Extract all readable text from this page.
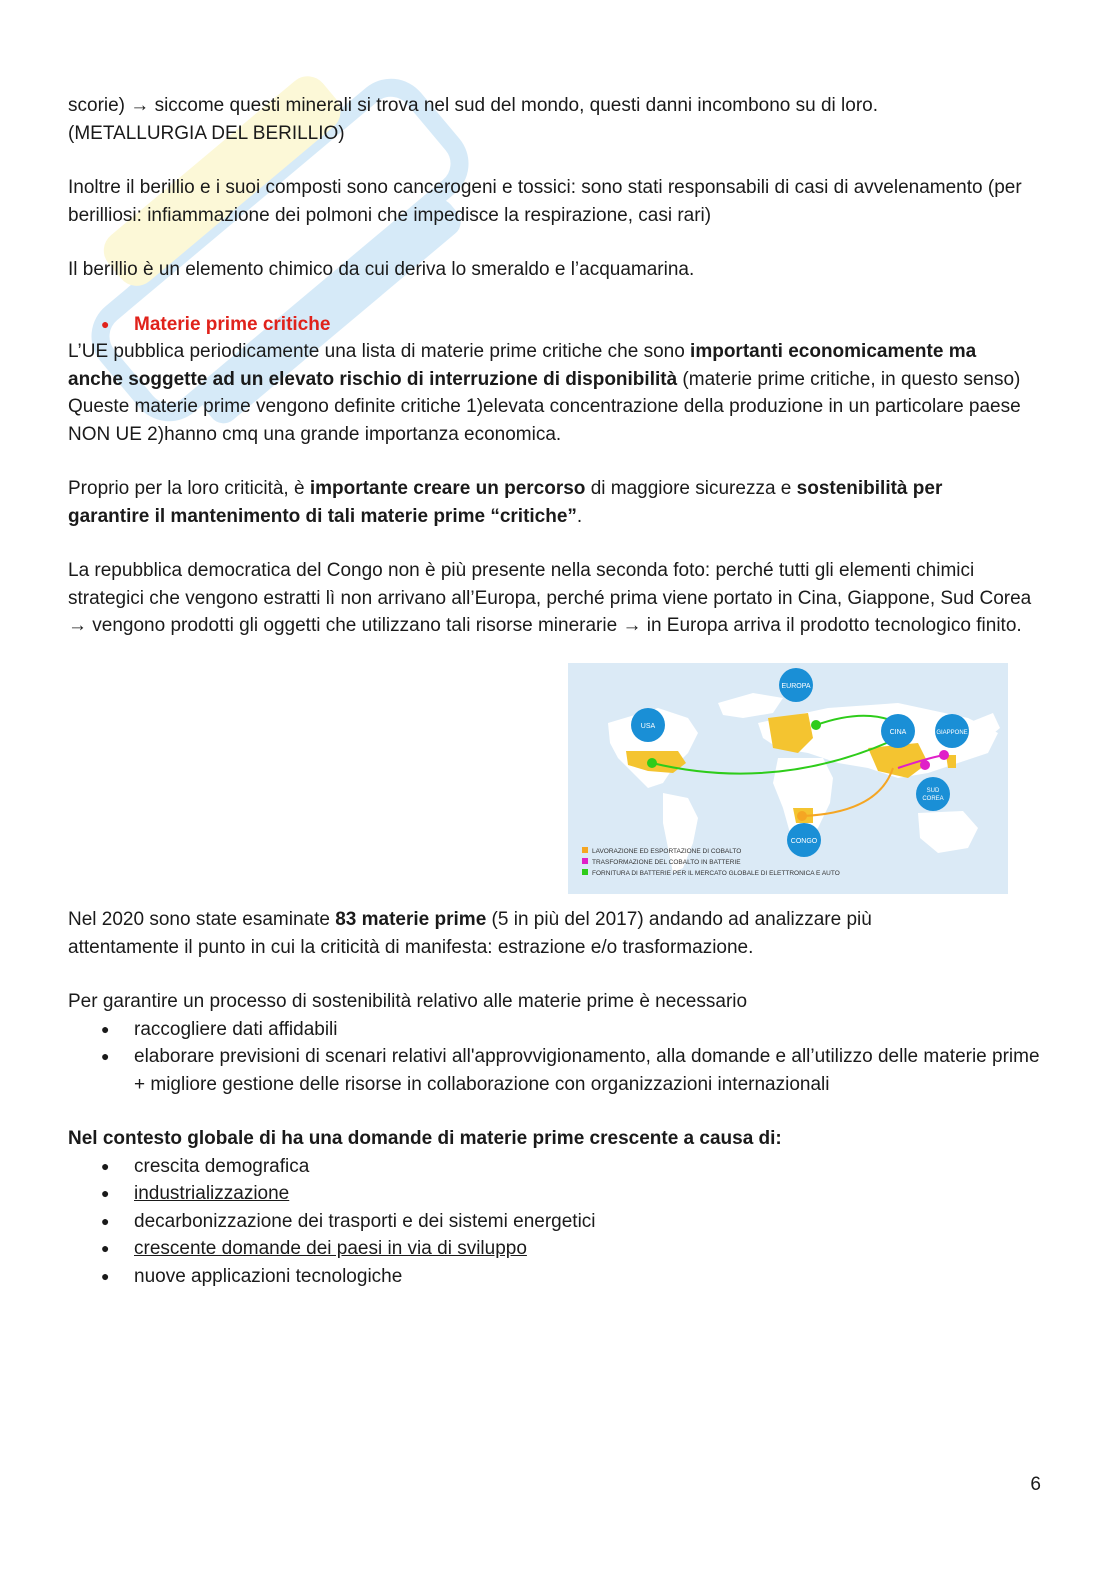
scorie) → siccome questi minerali si trova nel sud del mondo, questi danni incombono su di loro.

(METALLURGIA DEL BERILLIO)

Inoltre il berillio e i suoi composti sono cancerogeni e tossici: sono stati responsabili di casi di avvelenamento (per berilliosi: infiammazione dei polmoni che impedisce la respirazione, casi rari)

Il berillio è un elemento chimico da cui deriva lo smeraldo e l’acquamarina.

● Materie prime critiche

L’UE pubblica periodicamente una lista di materie prime critiche che sono importanti economicamente ma anche soggette ad un elevato rischio di interruzione di disponibilità (materie prime critiche, in questo senso)

Queste materie prime vengono definite critiche 1)elevata concentrazione della produzione in un particolare paese NON UE 2)hanno cmq una grande importanza economica.

Proprio per la loro criticità, è importante creare un percorso di maggiore sicurezza e sostenibilità per garantire il mantenimento di tali materie prime “critiche”.

La repubblica democratica del Congo non è più presente nella seconda foto: perché tutti gli elementi chimici strategici che vengono estratti lì non arrivano all’Europa, perché prima viene portato in Cina, Giappone, Sud Corea → vengono prodotti gli oggetti che utilizzano tali risorse minerarie → in Europa arriva il prodotto tecnologico finito.

EUROPA
USA
CINA	GIAPPONE
SUD
COREA
CONGO
LAVORAZIONE ED ESPORTAZIONE DI COBALTO
TRASFORMAZIONE DEL COBALTO IN BATTERIE
FORNITURA DI BATTERIE PER IL MERCATO GLOBALE DI ELETTRONICA E AUTO

Nel 2020 sono state esaminate 83 materie prime (5 in più del 2017) andando ad analizzare più attentamente il punto in cui la criticità di manifesta: estrazione e/o trasformazione.

Per garantire un processo di sostenibilità relativo alle materie prime è necessario

● raccogliere dati affidabili
● elaborare previsioni di scenari relativi all'approvvigionamento, alla domande e all’utilizzo delle materie prime + migliore gestione delle risorse in collaborazione con organizzazioni internazionali

Nel contesto globale di ha una domande di materie prime crescente a causa di:

● crescita demografica
● industrializzazione
● decarbonizzazione dei trasporti e dei sistemi energetici
● crescente domande dei paesi in via di sviluppo
● nuove applicazioni tecnologiche
6
